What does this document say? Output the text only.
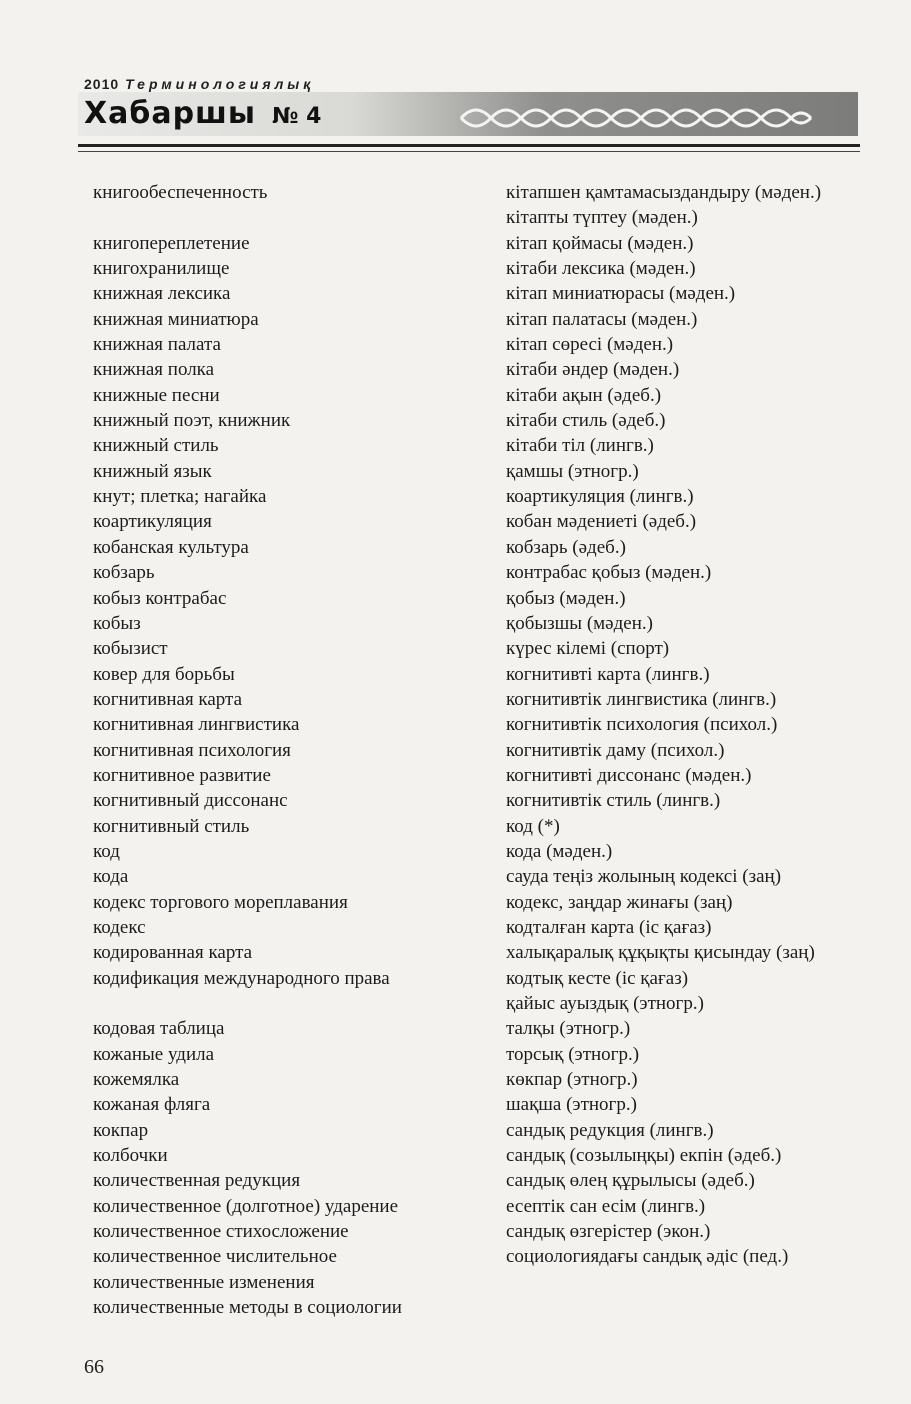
2010 Терминологиялық
Хабаршы № 4
книгообеспеченность

книгопереплетение
книгохранилище
книжная лексика
книжная миниатюра
книжная палата
книжная полка
книжные песни
книжный поэт, книжник
книжный стиль
книжный язык
кнут; плетка; нагайка
коартикуляция
кобанская культура
кобзарь
кобыз контрабас
кобыз
кобызист
ковер для борьбы
когнитивная карта
когнитивная лингвистика
когнитивная психология
когнитивное развитие
когнитивный диссонанс
когнитивный стиль
код
кода
кодекс торгового мореплавания
кодекс
кодированная карта
кодификация международного права

кодовая таблица
кожаные удила
кожемялка
кожаная фляга
кокпар
колбочки
количественная редукция
количественное (долготное) ударение
количественное стихосложение
количественное числительное
количественные изменения
количественные методы в социологии
кітапшен қамтамасыздандыру (мәден.)
кітапты түптеу (мәден.)
кітап қоймасы (мәден.)
кітаби лексика (мәден.)
кітап миниатюрасы (мәден.)
кітап палатасы (мәден.)
кітап сөресі (мәден.)
кітаби әндер (мәден.)
кітаби ақын (әдеб.)
кітаби стиль (әдеб.)
кітаби тіл (лингв.)
қамшы (этногр.)
коартикуляция (лингв.)
кобан мәдениеті (әдеб.)
кобзарь (әдеб.)
контрабас қобыз (мәден.)
қобыз (мәден.)
қобызшы (мәден.)
күрес кілемі (спорт)
когнитивті карта (лингв.)
когнитивтік лингвистика (лингв.)
когнитивтік психология (психол.)
когнитивтік даму (психол.)
когнитивті диссонанс (мәден.)
когнитивтік стиль (лингв.)
код (*)
кода (мәден.)
сауда теңіз жолының кодексі (заң)
кодекс, заңдар жинағы (заң)
кодталған карта (іс қағаз)
халықаралық құқықты қисындау (заң)
кодтық кесте (іс қағаз)
қайыс ауыздық (этногр.)
талқы (этногр.)
торсық (этногр.)
көкпар (этногр.)
шақша (этногр.)
сандық редукция (лингв.)
сандық (созылыңқы) екпін (әдеб.)
сандық өлең құрылысы (әдеб.)
есептік сан есім (лингв.)
сандық өзгерістер (экон.)
социологиядағы сандық әдіс (пед.)
66
